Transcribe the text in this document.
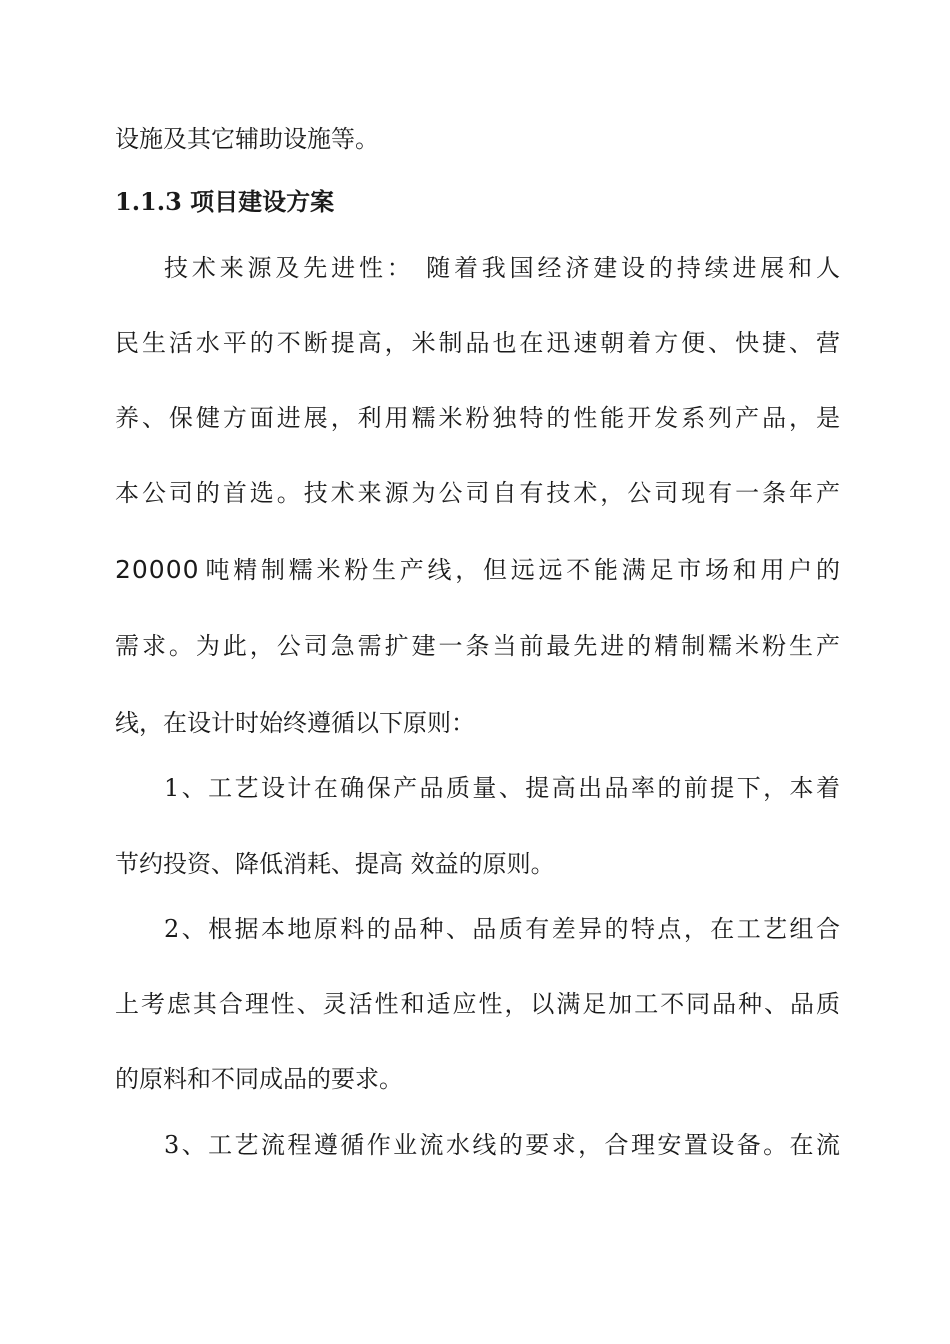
设施及其它辅助设施等。
1.1.3 项目建设方案
技术来源及先进性： 随着我国经济建设的持续进展和人
民生活水平的不断提高，米制品也在迅速朝着方便、快捷、营
养、保健方面进展，利用糯米粉独特的性能开发系列产品，是
本公司的首选。技术来源为公司自有技术，公司现有一条年产
20000 吨精制糯米粉生产线，但远远不能满足市场和用户的
需求。为此，公司急需扩建一条当前最先进的精制糯米粉生产
线，在设计时始终遵循以下原则：
1、工艺设计在确保产品质量、提高出品率的前提下，本着
节约投资、降低消耗、提高 效益的原则。
2、根据本地原料的品种、品质有差异的特点，在工艺组合
上考虑其合理性、灵活性和适应性，以满足加工不同品种、品质
的原料和不同成品的要求。
3、工艺流程遵循作业流水线的要求，合理安置设备。在流
